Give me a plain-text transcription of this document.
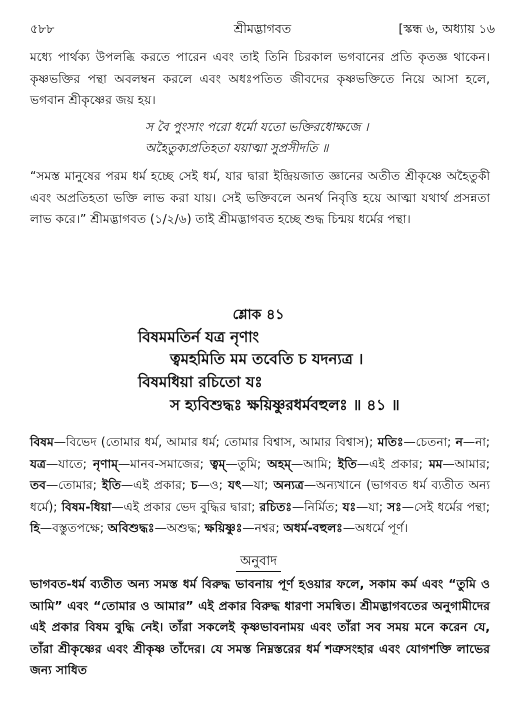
৫৮৮	শ্রীমদ্ভাগবত	[স্কন্ধ ৬, অধ্যায় ১৬

মধ্যে পার্থক্য উপলব্ধি করতে পারেন এবং তাই তিনি চিরকাল ভগবানের প্রতি কৃতজ্ঞ থাকেন। কৃষ্ণভক্তির পন্থা অবলম্বন করলে এবং অধঃপতিত জীবদের কৃষ্ণভক্তিতে নিয়ে আসা হলে, ভগবান শ্রীকৃষ্ণের জয় হয়।

স বৈ পুংসাং পরো ধর্মো যতো ভক্তিরধোক্ষজে ।
অহৈতুক্যপ্রতিহতা যয়াত্মা সুপ্রসীদতি ॥

“সমস্ত মানুষের পরম ধর্ম হচ্ছে সেই ধর্ম, যার দ্বারা ইন্দ্রিয়জাত জ্ঞানের অতীত শ্রীকৃষ্ণে অহৈতুকী এবং অপ্রতিহতা ভক্তি লাভ করা যায়। সেই ভক্তিবলে অনর্থ নিবৃত্তি হয়ে আত্মা যথার্থ প্রসন্নতা লাভ করে।” শ্রীমদ্ভাগবত (১/২/৬) তাই শ্রীমদ্ভাগবত হচ্ছে শুদ্ধ চিন্ময় ধর্মের পন্থা।

শ্লোক ৪১
বিষমমতির্ন যত্র নৃণাং
ত্বমহমিতি মম তবেতি চ যদন্যত্র ।
বিষমধিয়া রচিতো যঃ
স হ্যবিশুদ্ধঃ ক্ষয়িষ্ণুরধর্মবহুলঃ ॥ ৪১ ॥

বিষম—বিভেদ (তোমার ধর্ম, আমার ধর্ম; তোমার বিশ্বাস, আমার বিশ্বাস); মতিঃ—চেতনা; ন—না; যত্র—যাতে; নৃণাম্—মানব-সমাজের; ত্বম্—তুমি; অহম্—আমি; ইতি—এই প্রকার; মম—আমার; তব—তোমার; ইতি—এই প্রকার; চ—ও; যৎ—যা; অন্যত্র—অন্যখানে (ভাগবত ধর্ম ব্যতীত অন্য ধর্মে); বিষম-ধিয়া—এই প্রকার ভেদ বুদ্ধির দ্বারা; রচিতঃ—নির্মিত; যঃ—যা; সঃ—সেই ধর্মের পন্থা; হি—বস্তুতপক্ষে; অবিশুদ্ধঃ—অশুদ্ধ; ক্ষয়িষ্ণুঃ—নশ্বর; অধর্ম-বহুলঃ—অধর্মে পূর্ণ।

অনুবাদ

ভাগবত-ধর্ম ব্যতীত অন্য সমস্ত ধর্ম বিরুদ্ধ ভাবনায় পূর্ণ হওয়ার ফলে, সকাম কর্ম এবং “তুমি ও আমি” এবং “তোমার ও আমার” এই প্রকার বিরুদ্ধ ধারণা সমন্বিত। শ্রীমদ্ভাগবতের অনুগামীদের এই প্রকার বিষম বুদ্ধি নেই। তাঁরা সকলেই কৃষ্ণভাবনাময় এবং তাঁরা সব সময় মনে করেন যে, তাঁরা শ্রীকৃষ্ণের এবং শ্রীকৃষ্ণ তাঁদের। যে সমস্ত নিম্নস্তরের ধর্ম শত্রুসংহার এবং যোগশক্তি লাভের জন্য সাধিত
